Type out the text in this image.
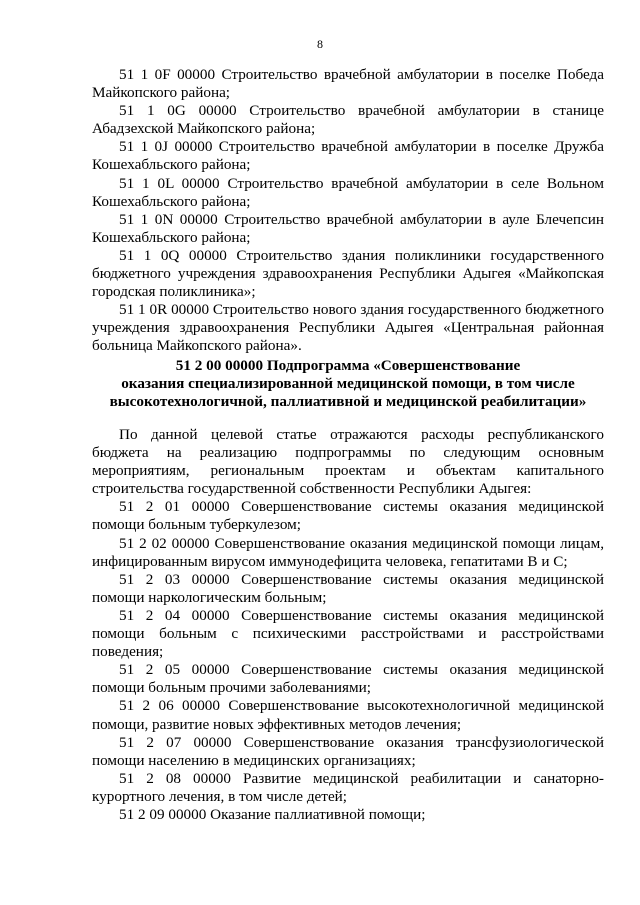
8

51 1 0F 00000 Строительство врачебной амбулатории в поселке Победа Майкопского района;

51 1 0G 00000 Строительство врачебной амбулатории в станице Абадзехской Майкопского района;

51 1 0J 00000 Строительство врачебной амбулатории в поселке Дружба Кошехабльского района;

51 1 0L 00000 Строительство врачебной амбулатории в селе Вольном Кошехабльского района;

51 1 0N 00000 Строительство врачебной амбулатории в ауле Блечепсин Кошехабльского района;

51 1 0Q 00000 Строительство здания поликлиники государственного бюджетного учреждения здравоохранения Республики Адыгея «Майкопская городская поликлиника»;

51 1 0R 00000 Строительство нового здания государственного бюджетного учреждения здравоохранения Республики Адыгея «Центральная районная больница Майкопского района».

51 2 00 00000 Подпрограмма «Совершенствование
оказания специализированной медицинской помощи, в том числе
высокотехнологичной, паллиативной и медицинской реабилитации»

По данной целевой статье отражаются расходы республиканского бюджета на реализацию подпрограммы по следующим основным мероприятиям, региональным проектам и объектам капитального строительства государственной собственности Республики Адыгея:

51 2 01 00000 Совершенствование системы оказания медицинской помощи больным туберкулезом;

51 2 02 00000 Совершенствование оказания медицинской помощи лицам, инфицированным вирусом иммунодефицита человека, гепатитами В и С;

51 2 03 00000 Совершенствование системы оказания медицинской помощи наркологическим больным;

51 2 04 00000 Совершенствование системы оказания медицинской помощи больным с психическими расстройствами и расстройствами поведения;

51 2 05 00000 Совершенствование системы оказания медицинской помощи больным прочими заболеваниями;

51 2 06 00000 Совершенствование высокотехнологичной медицинской помощи, развитие новых эффективных методов лечения;

51 2 07 00000 Совершенствование оказания трансфузиологической помощи населению в медицинских организациях;

51 2 08 00000 Развитие медицинской реабилитации и санаторно-курортного лечения, в том числе детей;

51 2 09 00000 Оказание паллиативной помощи;
